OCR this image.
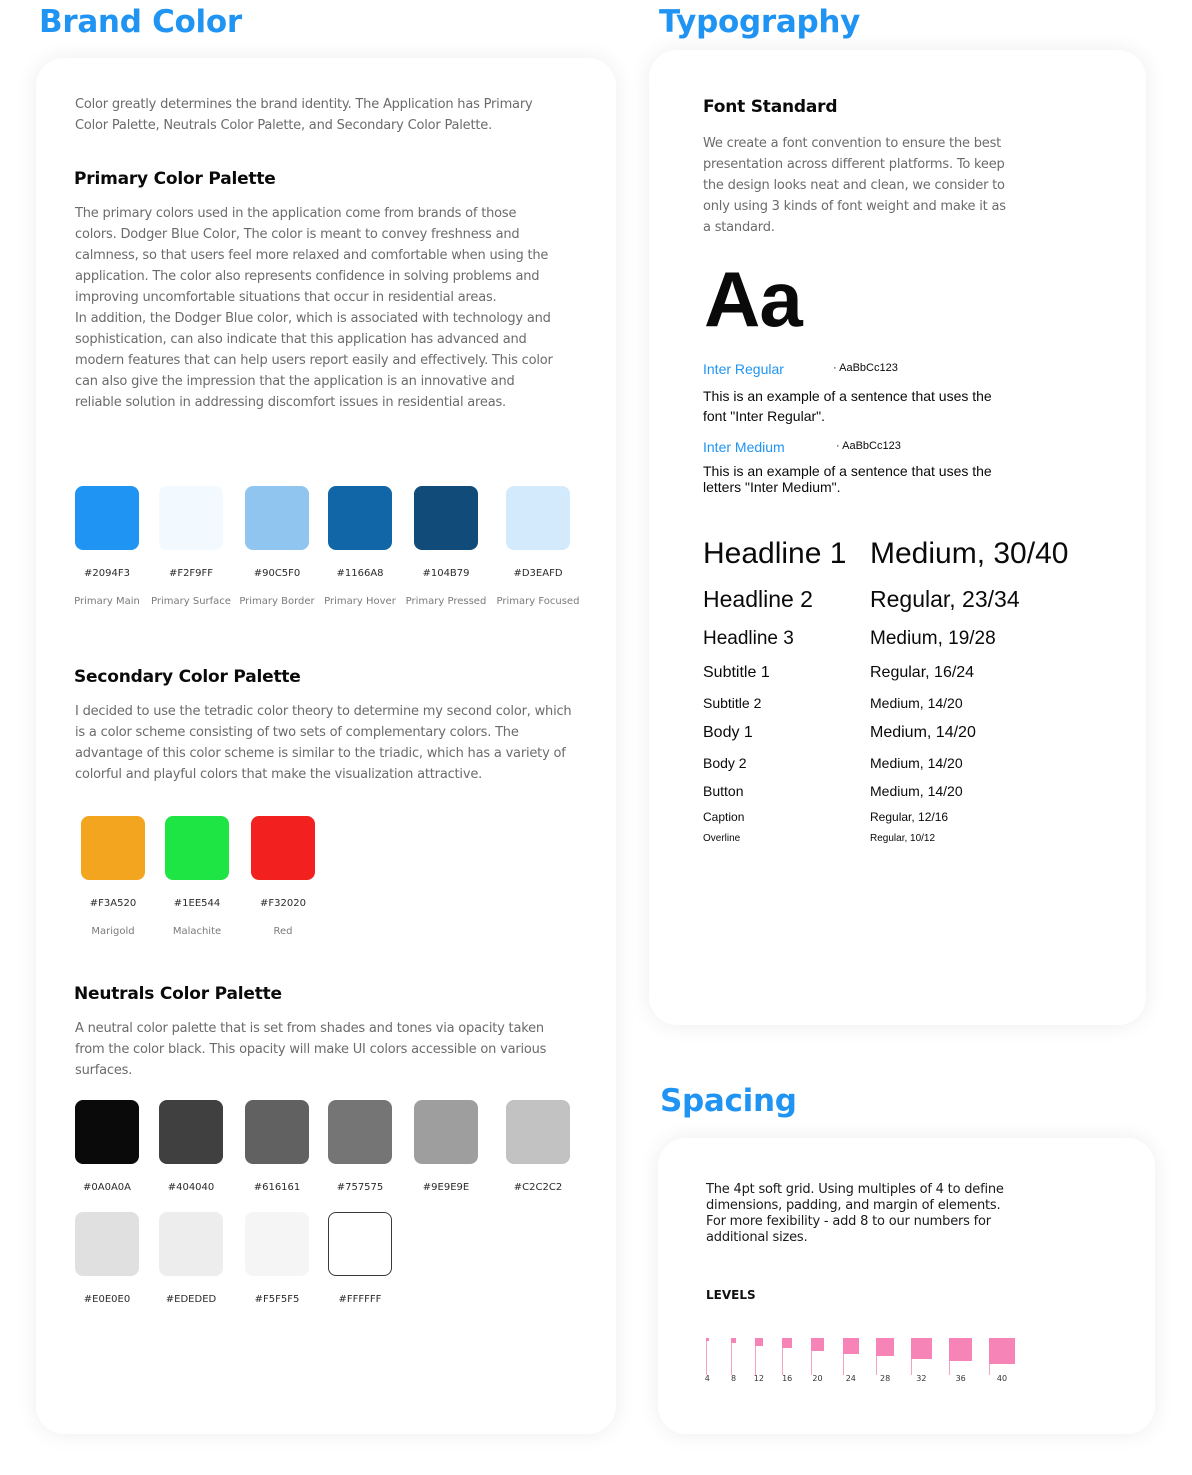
Brand Color
Color greatly determines the brand identity. The Application has Primary Color Palette, Neutrals Color Palette, and Secondary Color Palette.
Primary Color Palette
The primary colors used in the application come from brands of those colors. Dodger Blue Color, The color is meant to convey freshness and calmness, so that users feel more relaxed and comfortable when using the application. The color also represents confidence in solving problems and improving uncomfortable situations that occur in residential areas.
In addition, the Dodger Blue color, which is associated with technology and sophistication, can also indicate that this application has advanced and modern features that can help users report easily and effectively. This color can also give the impression that the application is an innovative and reliable solution in addressing discomfort issues in residential areas.
#2094F3
Primary Main
#F2F9FF
Primary Surface
#90C5F0
Primary Border
#1166A8
Primary Hover
#104B79
Primary Pressed
#D3EAFD
Primary Focused
Secondary Color Palette
I decided to use the tetradic color theory to determine my second color, which is a color scheme consisting of two sets of complementary colors. The advantage of this color scheme is similar to the triadic, which has a variety of colorful and playful colors that make the visualization attractive.
#F3A520
Marigold
#1EE544
Malachite
#F32020
Red
Neutrals Color Palette
A neutral color palette that is set from shades and tones via opacity taken from the color black. This opacity will make UI colors accessible on various surfaces.
#0A0A0A	#404040	#616161	#757575	#9E9E9E	#C2C2C2
#E0E0E0	#EDEDED	#F5F5F5	#FFFFFF
Typography
Font Standard
We create a font convention to ensure the best presentation across different platforms. To keep the design looks neat and clean, we consider to only using 3 kinds of font weight and make it as a standard.
Aa
Inter Regular	· AaBbCc123
This is an example of a sentence that uses the font "Inter Regular".
Inter Medium	· AaBbCc123
This is an example of a sentence that uses the letters "Inter Medium".
Headline 1 Medium, 30/40
Headline 2 Regular, 23/34
Headline 3	Medium, 19/28
Subtitle 1	Regular, 16/24
Subtitle 2	Medium, 14/20
Body 1	Medium, 14/20
Body 2	Medium, 14/20
Button	Medium, 14/20
Caption	Regular, 12/16
Overline	Regular, 10/12
Spacing
The 4pt soft grid. Using multiples of 4 to define dimensions, padding, and margin of elements. For more fexibility - add 8 to our numbers for additional sizes.
LEVELS
4	8	12	16	20	24	28	32	36	40
